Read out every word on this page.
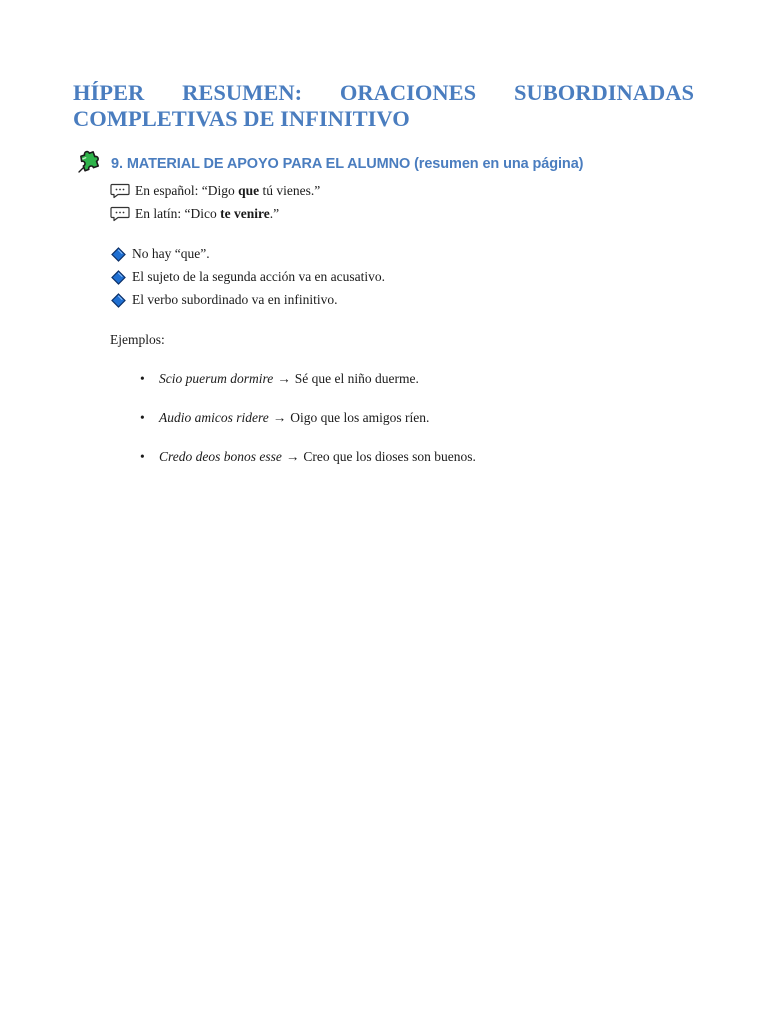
HÍPER RESUMEN: ORACIONES SUBORDINADAS COMPLETIVAS DE INFINITIVO
9. MATERIAL DE APOYO PARA EL ALUMNO (resumen en una página)
En español: “Digo que tú vienes.”
En latín: “Dico te venire.”
No hay “que”.
El sujeto de la segunda acción va en acusativo.
El verbo subordinado va en infinitivo.
Ejemplos:
•	Scio puerum dormire → Sé que el niño duerme.
•	Audio amicos ridere → Oigo que los amigos ríen.
•	Credo deos bonos esse → Creo que los dioses son buenos.
